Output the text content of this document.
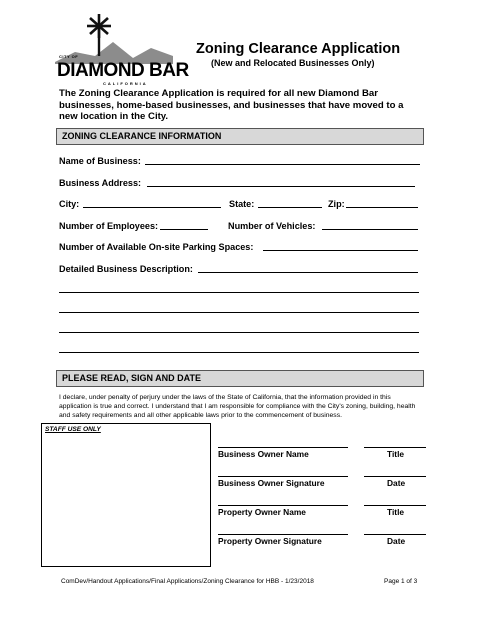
CITY OF
DIAMOND BAR
CALIFORNIA
Zoning Clearance Application
(New and Relocated Businesses Only)
The Zoning Clearance Application is required for all new Diamond Bar businesses, home-based businesses, and businesses that have moved to a new location in the City.
ZONING CLEARANCE INFORMATION
Name of Business:
Business Address:
City:	State:	Zip:
Number of Employees:	Number of Vehicles:
Number of Available On-site Parking Spaces:
Detailed Business Description:
PLEASE READ, SIGN AND DATE
I declare, under penalty of perjury under the laws of the State of California, that the information provided in this application is true and correct. I understand that I am responsible for compliance with the City's zoning, building, health and safety requirements and all other applicable laws prior to the commencement of business.
STAFF USE ONLY
Business Owner Name	Title
Business Owner Signature	Date
Property Owner Name	Title
Property Owner Signature	Date
ComDev/Handout Applications/Final Applications/Zoning Clearance for HBB - 1/23/2018	Page 1 of 3
